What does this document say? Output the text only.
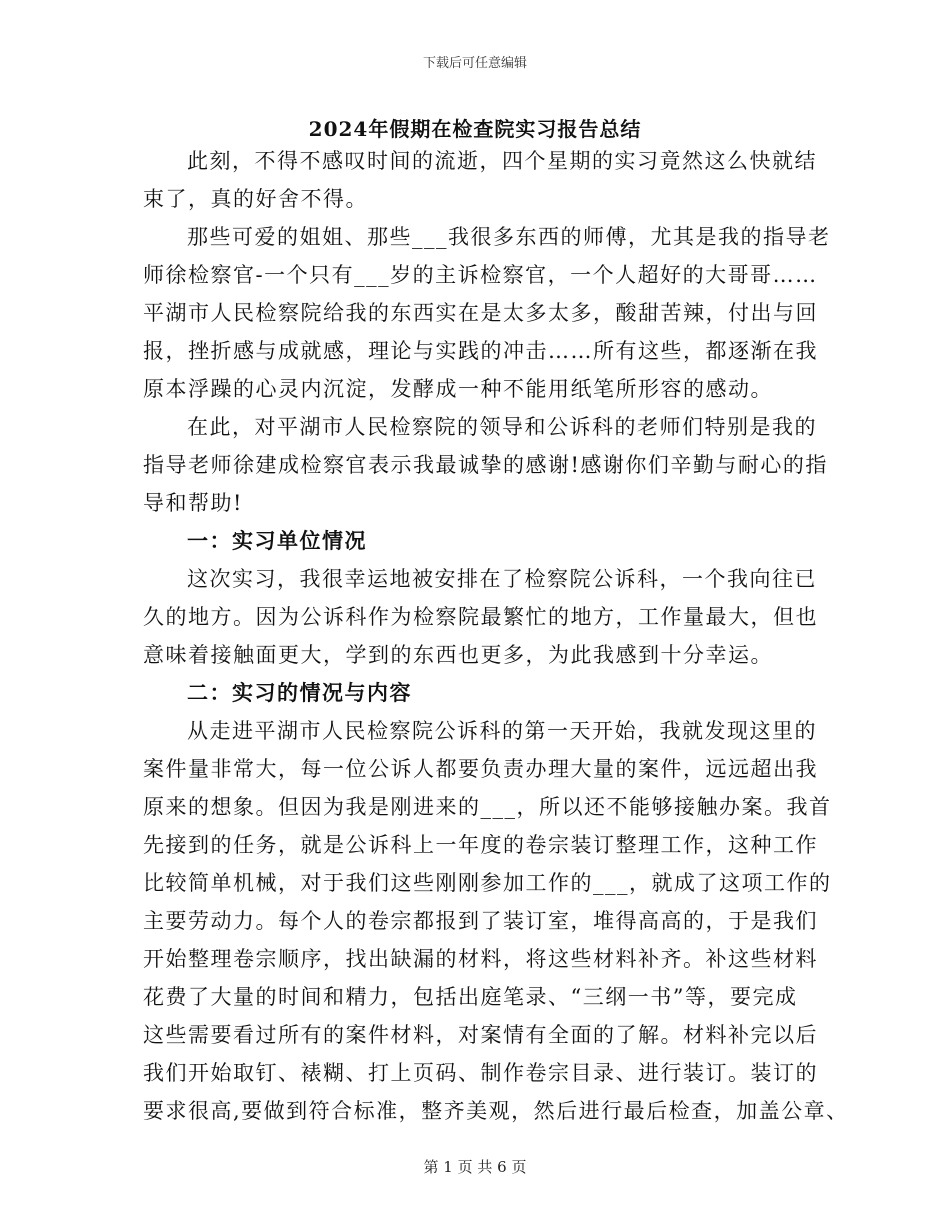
下载后可任意编辑
2024年假期在检查院实习报告总结
此刻，不得不感叹时间的流逝，四个星期的实习竟然这么快就结
束了，真的好舍不得。
那些可爱的姐姐、那些___我很多东西的师傅，尤其是我的指导老
师徐检察官-一个只有___岁的主诉检察官，一个人超好的大哥哥……
平湖市人民检察院给我的东西实在是太多太多，酸甜苦辣，付出与回
报，挫折感与成就感，理论与实践的冲击……所有这些，都逐渐在我
原本浮躁的心灵内沉淀，发酵成一种不能用纸笔所形容的感动。
在此，对平湖市人民检察院的领导和公诉科的老师们特别是我的
指导老师徐建成检察官表示我最诚挚的感谢!感谢你们辛勤与耐心的指
导和帮助!
一：实习单位情况
这次实习，我很幸运地被安排在了检察院公诉科，一个我向往已
久的地方。因为公诉科作为检察院最繁忙的地方，工作量最大，但也
意味着接触面更大，学到的东西也更多，为此我感到十分幸运。
二：实习的情况与内容
从走进平湖市人民检察院公诉科的第一天开始，我就发现这里的
案件量非常大，每一位公诉人都要负责办理大量的案件，远远超出我
原来的想象。但因为我是刚进来的___，所以还不能够接触办案。我首
先接到的任务，就是公诉科上一年度的卷宗装订整理工作，这种工作
比较简单机械，对于我们这些刚刚参加工作的___，就成了这项工作的
主要劳动力。每个人的卷宗都报到了装订室，堆得高高的，于是我们
开始整理卷宗顺序，找出缺漏的材料，将这些材料补齐。补这些材料
花费了大量的时间和精力，包括出庭笔录、“三纲一书”等，要完成
这些需要看过所有的案件材料，对案情有全面的了解。材料补完以后
我们开始取钉、裱糊、打上页码、制作卷宗目录、进行装订。装订的
要求很高,要做到符合标准，整齐美观，然后进行最后检查，加盖公章、
第 1 页 共 6 页
